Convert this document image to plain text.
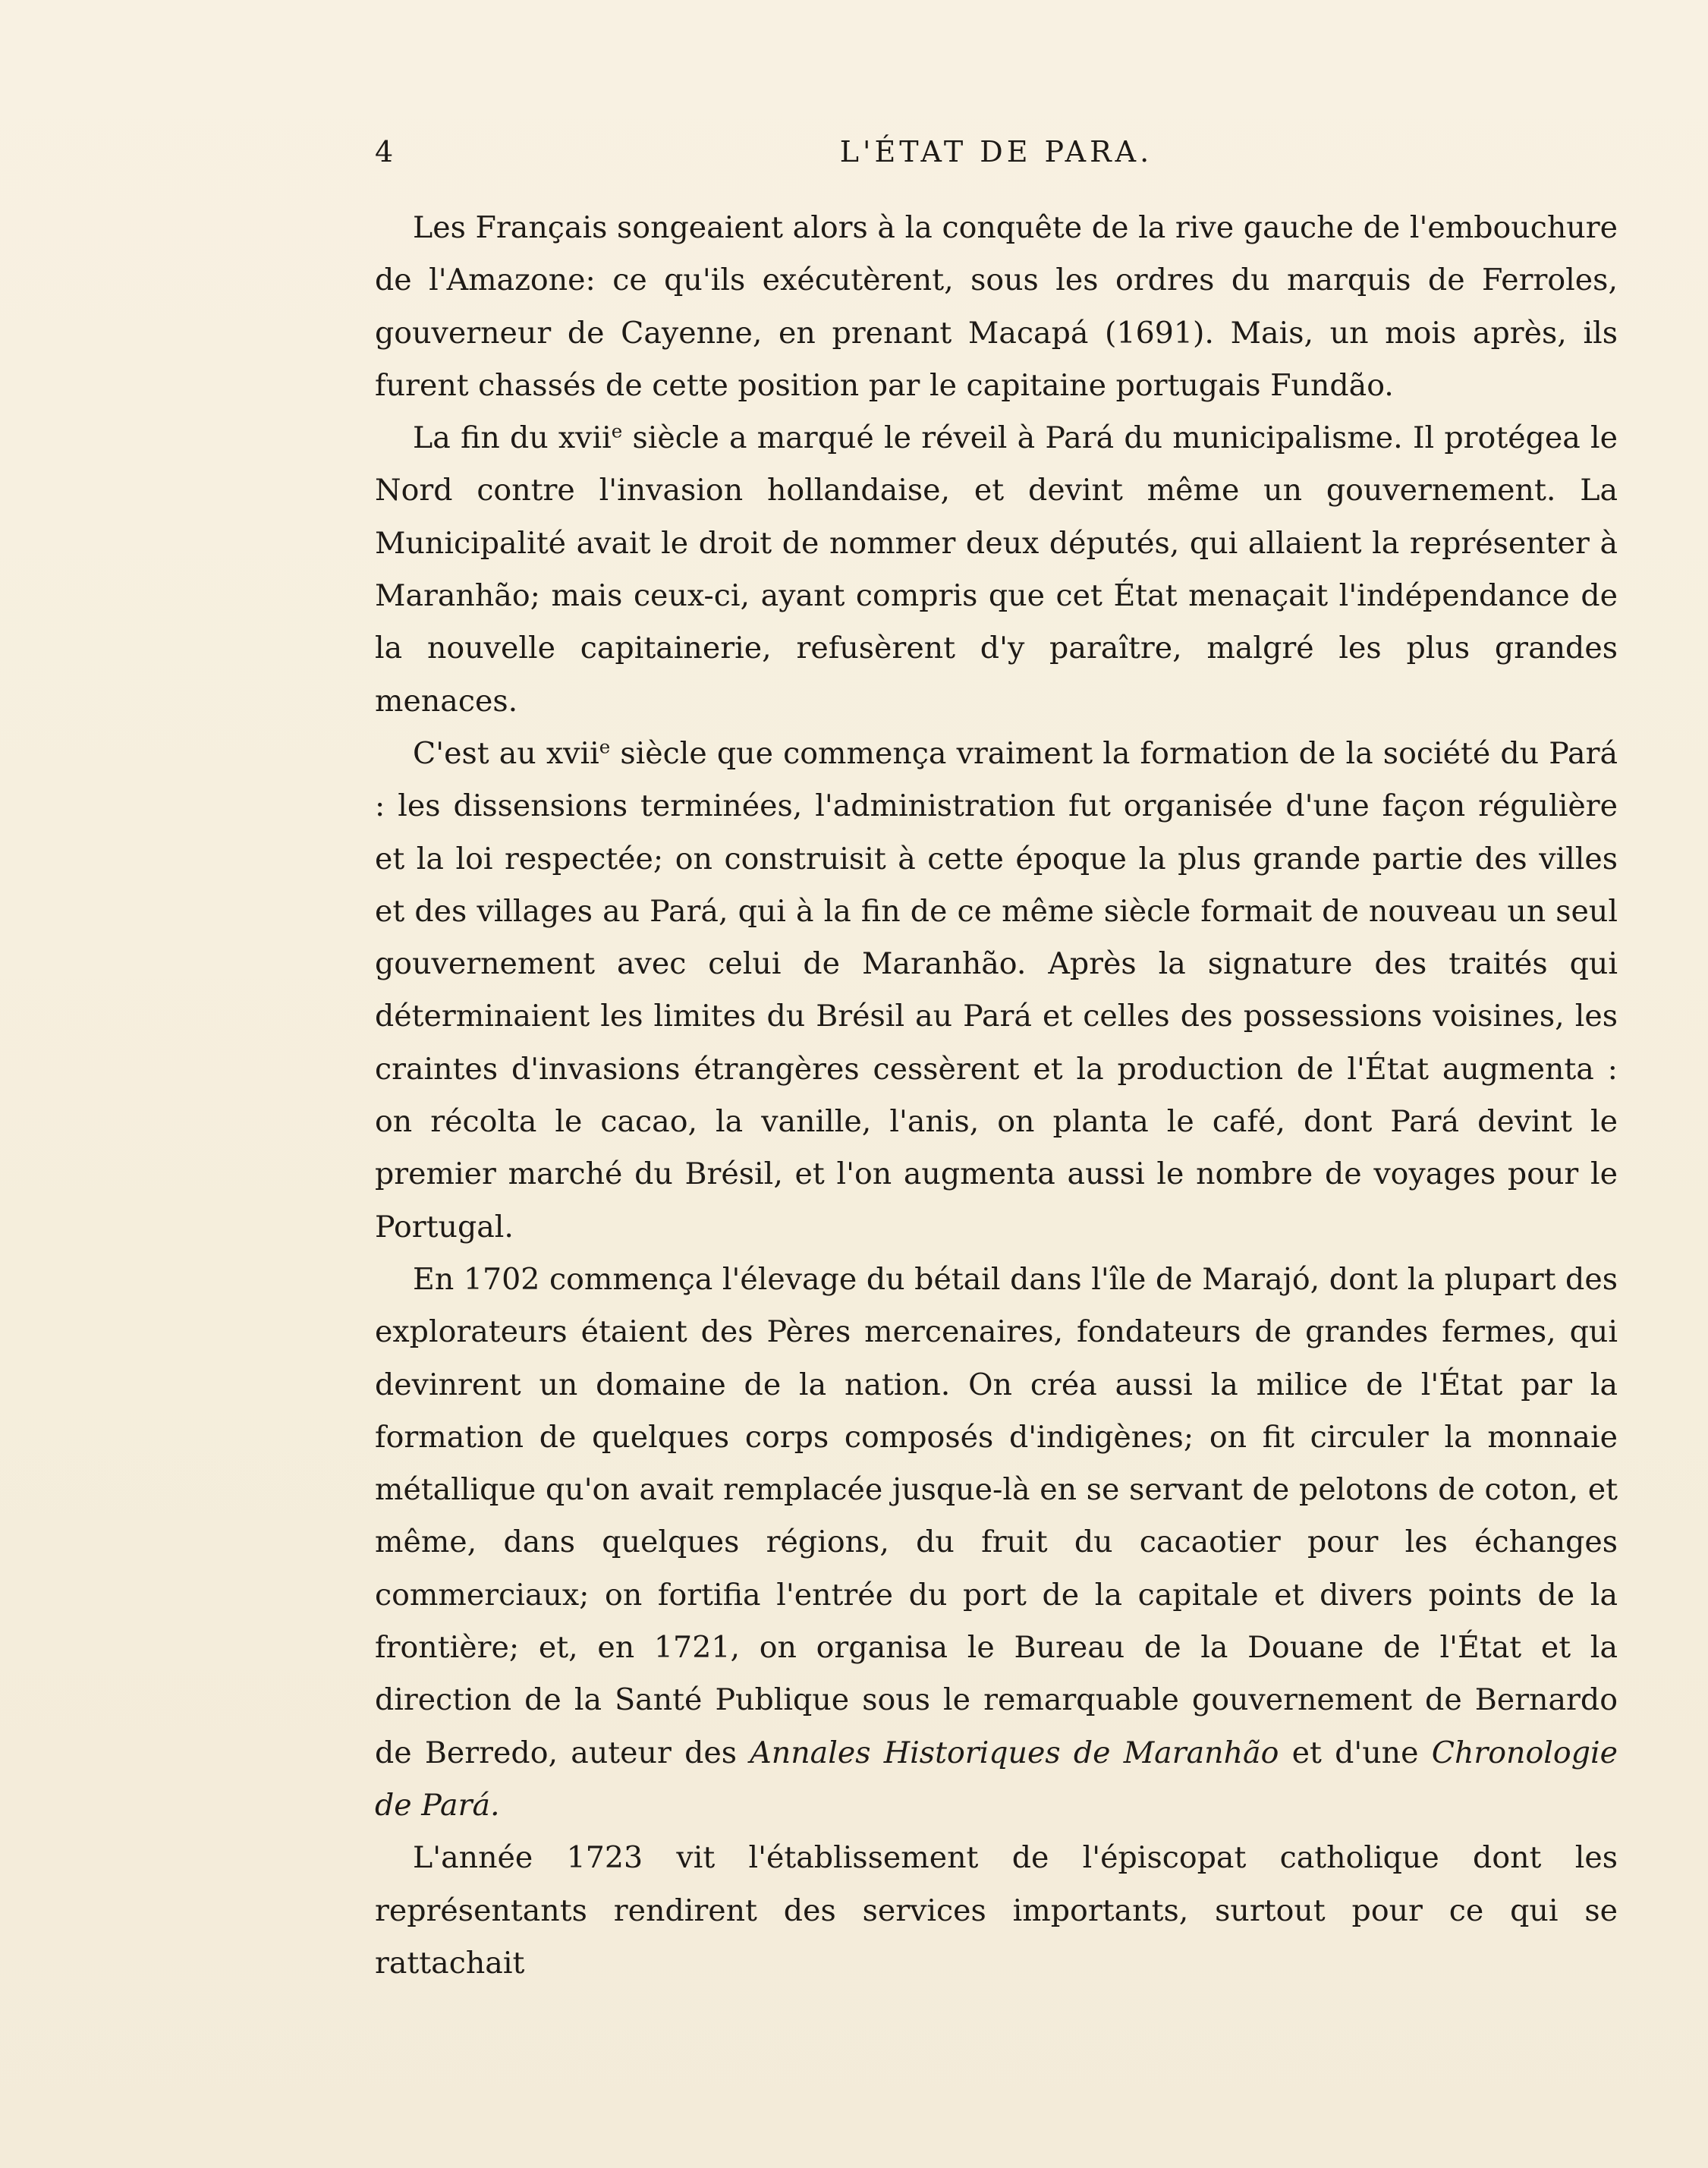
4	L'ÉTAT DE PARA.

Les Français songeaient alors à la conquête de la rive gauche de l'embouchure de l'Amazone: ce qu'ils exécutèrent, sous les ordres du marquis de Ferroles, gouverneur de Cayenne, en prenant Macapá (1691). Mais, un mois après, ils furent chassés de cette position par le capitaine portugais Fundão.

La fin du xvii$^e$ siècle a marqué le réveil à Pará du municipalisme. Il protégea le Nord contre l'invasion hollandaise, et devint même un gouvernement. La Municipalité avait le droit de nommer deux députés, qui allaient la représenter à Maranhão; mais ceux-ci, ayant compris que cet État menaçait l'indépendance de la nouvelle capitainerie, refusèrent d'y paraître, malgré les plus grandes menaces.

C'est au xvii$^e$ siècle que commença vraiment la formation de la société du Pará : les dissensions terminées, l'administration fut organisée d'une façon régulière et la loi respectée; on construisit à cette époque la plus grande partie des villes et des villages au Pará, qui à la fin de ce même siècle formait de nouveau un seul gouvernement avec celui de Maranhão. Après la signature des traités qui déterminaient les limites du Brésil au Pará et celles des possessions voisines, les craintes d'invasions étrangères cessèrent et la production de l'État augmenta : on récolta le cacao, la vanille, l'anis, on planta le café, dont Pará devint le premier marché du Brésil, et l'on augmenta aussi le nombre de voyages pour le Portugal.

En 1702 commença l'élevage du bétail dans l'île de Marajó, dont la plupart des explorateurs étaient des Pères mercenaires, fondateurs de grandes fermes, qui devinrent un domaine de la nation. On créa aussi la milice de l'État par la formation de quelques corps composés d'indigènes; on fit circuler la monnaie métallique qu'on avait remplacée jusque-là en se servant de pelotons de coton, et même, dans quelques régions, du fruit du cacaotier pour les échanges commerciaux; on fortifia l'entrée du port de la capitale et divers points de la frontière; et, en 1721, on organisa le Bureau de la Douane de l'État et la direction de la Santé Publique sous le remarquable gouvernement de Bernardo de Berredo, auteur des Annales Historiques de Maranhão et d'une Chronologie de Pará.

L'année 1723 vit l'établissement de l'épiscopat catholique dont les représentants rendirent des services importants, surtout pour ce qui se rattachait
